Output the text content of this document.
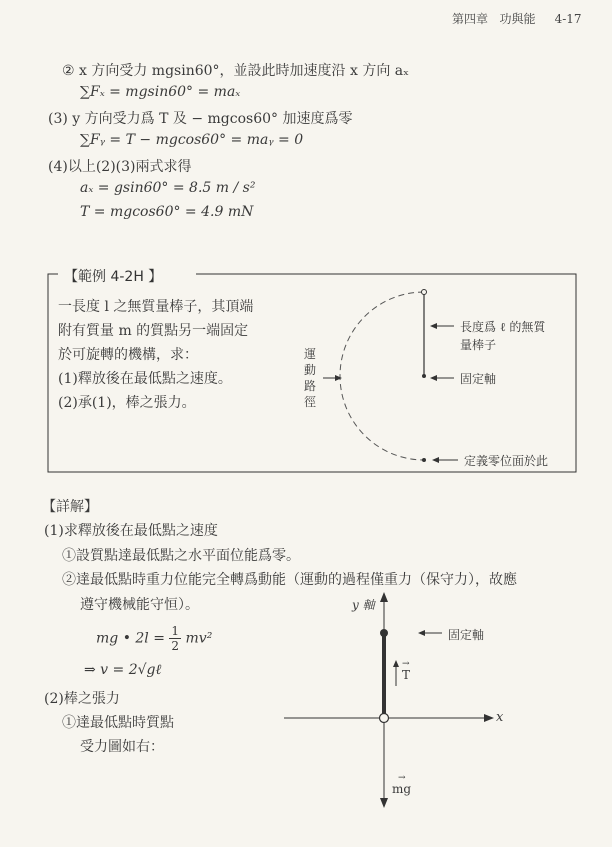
第四章 功與能 4-17
② x 方向受力 mgsin60°，並設此時加速度沿 x 方向 aₓ
∑Fₓ = mgsin60° = maₓ
(3) y 方向受力爲 T 及 − mgcos60° 加速度爲零
∑Fᵧ = T − mgcos60° = maᵧ = 0
(4)以上(2)(3)兩式求得
aₓ = gsin60° = 8.5 m / s²
T = mgcos60° = 4.9 mN
【範例 4-2H 】
一長度 l 之無質量棒子，其頂端
附有質量 m 的質點另一端固定
於可旋轉的機構，求：
(1)釋放後在最低點之速度。
(2)承(1)，棒之張力。
運
動
路
徑
長度爲 ℓ 的無質
量棒子
固定軸
定義零位面於此
【詳解】
(1)求釋放後在最低點之速度
①設質點達最低點之水平面位能爲零。
②達最低點時重力位能完全轉爲動能（運動的過程僅重力（保守力），故應
遵守機械能守恒）。
mg • $2l = \frac{1}{2} mv^2$
⇒ v = 2√gℓ
(2)棒之張力
①達最低點時質點
受力圖如右：
y 軸
x
固定軸
→
T
→
mg
